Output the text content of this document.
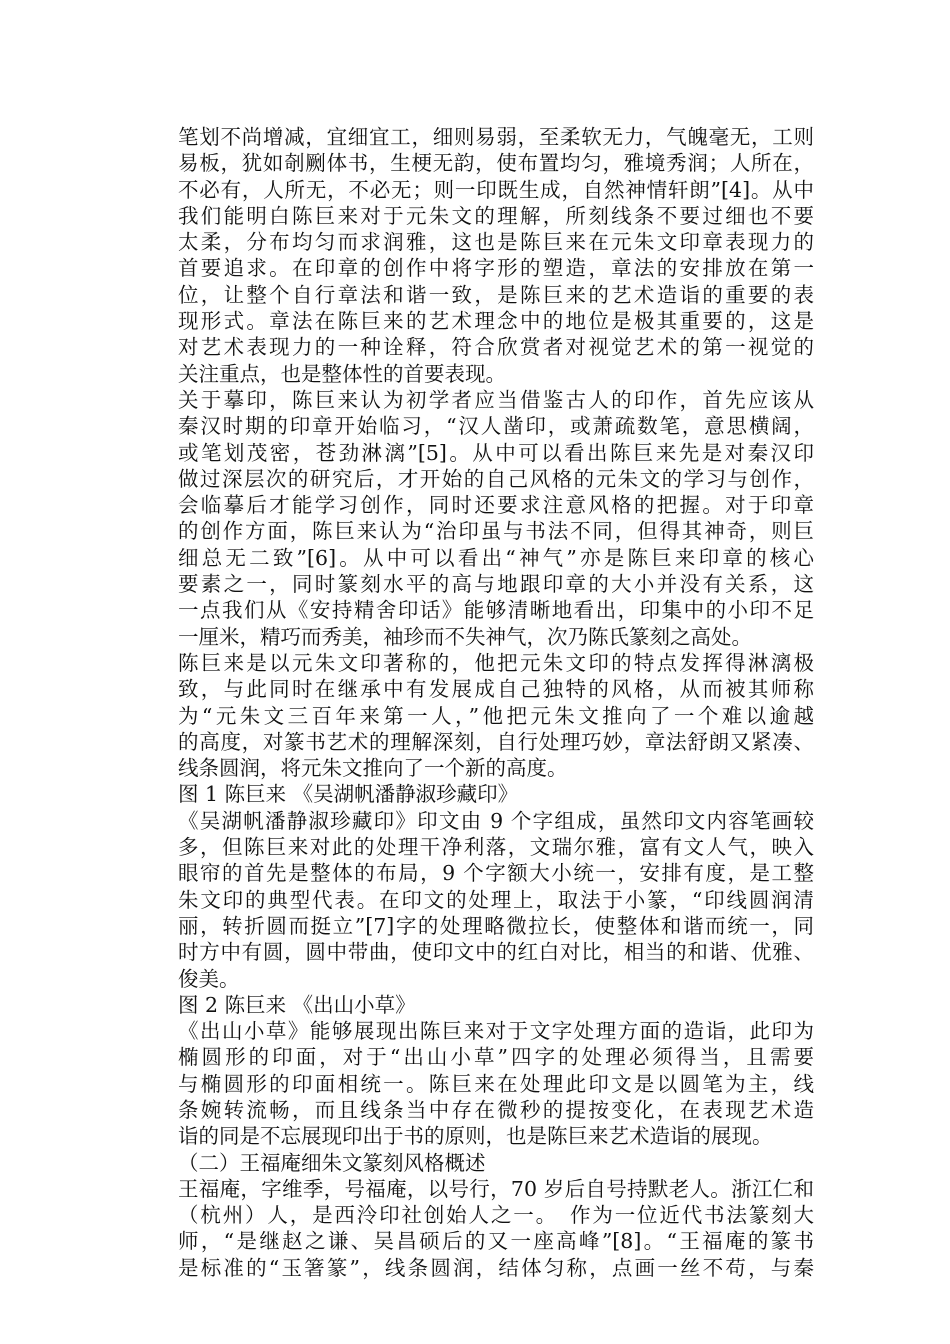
笔划不尚增减，宜细宜工，细则易弱，至柔软无力，气魄毫无，工则
易板，犹如剞劂体书，生梗无韵，使布置均匀，雅境秀润；人所在，
不必有，人所无，不必无；则一印既生成，自然神情轩朗”[4]。从中
我们能明白陈巨来对于元朱文的理解，所刻线条不要过细也不要
太柔，分布均匀而求润雅，这也是陈巨来在元朱文印章表现力的
首要追求。在印章的创作中将字形的塑造，章法的安排放在第一
位，让整个自行章法和谐一致，是陈巨来的艺术造诣的重要的表
现形式。章法在陈巨来的艺术理念中的地位是极其重要的，这是
对艺术表现力的一种诠释，符合欣赏者对视觉艺术的第一视觉的
关注重点，也是整体性的首要表现。
关于摹印，陈巨来认为初学者应当借鉴古人的印作，首先应该从
秦汉时期的印章开始临习，“汉人凿印，或萧疏数笔，意思横阔，
或笔划茂密，苍劲淋漓”[5]。从中可以看出陈巨来先是对秦汉印
做过深层次的研究后，才开始的自己风格的元朱文的学习与创作，
会临摹后才能学习创作，同时还要求注意风格的把握。对于印章
的创作方面，陈巨来认为“治印虽与书法不同，但得其神奇，则巨
细总无二致”[6]。从中可以看出“神气”亦是陈巨来印章的核心
要素之一，同时篆刻水平的高与地跟印章的大小并没有关系，这
一点我们从《安持精舍印话》能够清晰地看出，印集中的小印不足
一厘米，精巧而秀美，袖珍而不失神气，次乃陈氏篆刻之高处。
陈巨来是以元朱文印著称的，他把元朱文印的特点发挥得淋漓极
致，与此同时在继承中有发展成自己独特的风格，从而被其师称
为“元朱文三百年来第一人，”他把元朱文推向了一个难以逾越
的高度，对篆书艺术的理解深刻，自行处理巧妙，章法舒朗又紧凑、
线条圆润，将元朱文推向了一个新的高度。
图 1 陈巨来 《吴湖帆潘静淑珍藏印》
《吴湖帆潘静淑珍藏印》印文由 9 个字组成，虽然印文内容笔画较
多，但陈巨来对此的处理干净利落，文瑞尔雅，富有文人气，映入
眼帘的首先是整体的布局，9 个字额大小统一，安排有度，是工整
朱文印的典型代表。在印文的处理上，取法于小篆，“印线圆润清
丽，转折圆而挺立”[7]字的处理略微拉长，使整体和谐而统一，同
时方中有圆，圆中带曲，使印文中的红白对比，相当的和谐、优雅、
俊美。
图 2 陈巨来 《出山小草》
《出山小草》能够展现出陈巨来对于文字处理方面的造诣，此印为
椭圆形的印面，对于“出山小草”四字的处理必须得当，且需要
与椭圆形的印面相统一。陈巨来在处理此印文是以圆笔为主，线
条婉转流畅，而且线条当中存在微秒的提按变化，在表现艺术造
诣的同是不忘展现印出于书的原则，也是陈巨来艺术造诣的展现。
（二）王福庵细朱文篆刻风格概述
王福庵，字维季，号福庵，以号行，70 岁后自号持默老人。浙江仁和
（杭州）人，是西泠印社创始人之一。　作为一位近代书法篆刻大
师，“是继赵之谦、吴昌硕后的又一座高峰”[8]。“王福庵的篆书
是标准的“玉箸篆”，线条圆润，结体匀称，点画一丝不苟，与秦
